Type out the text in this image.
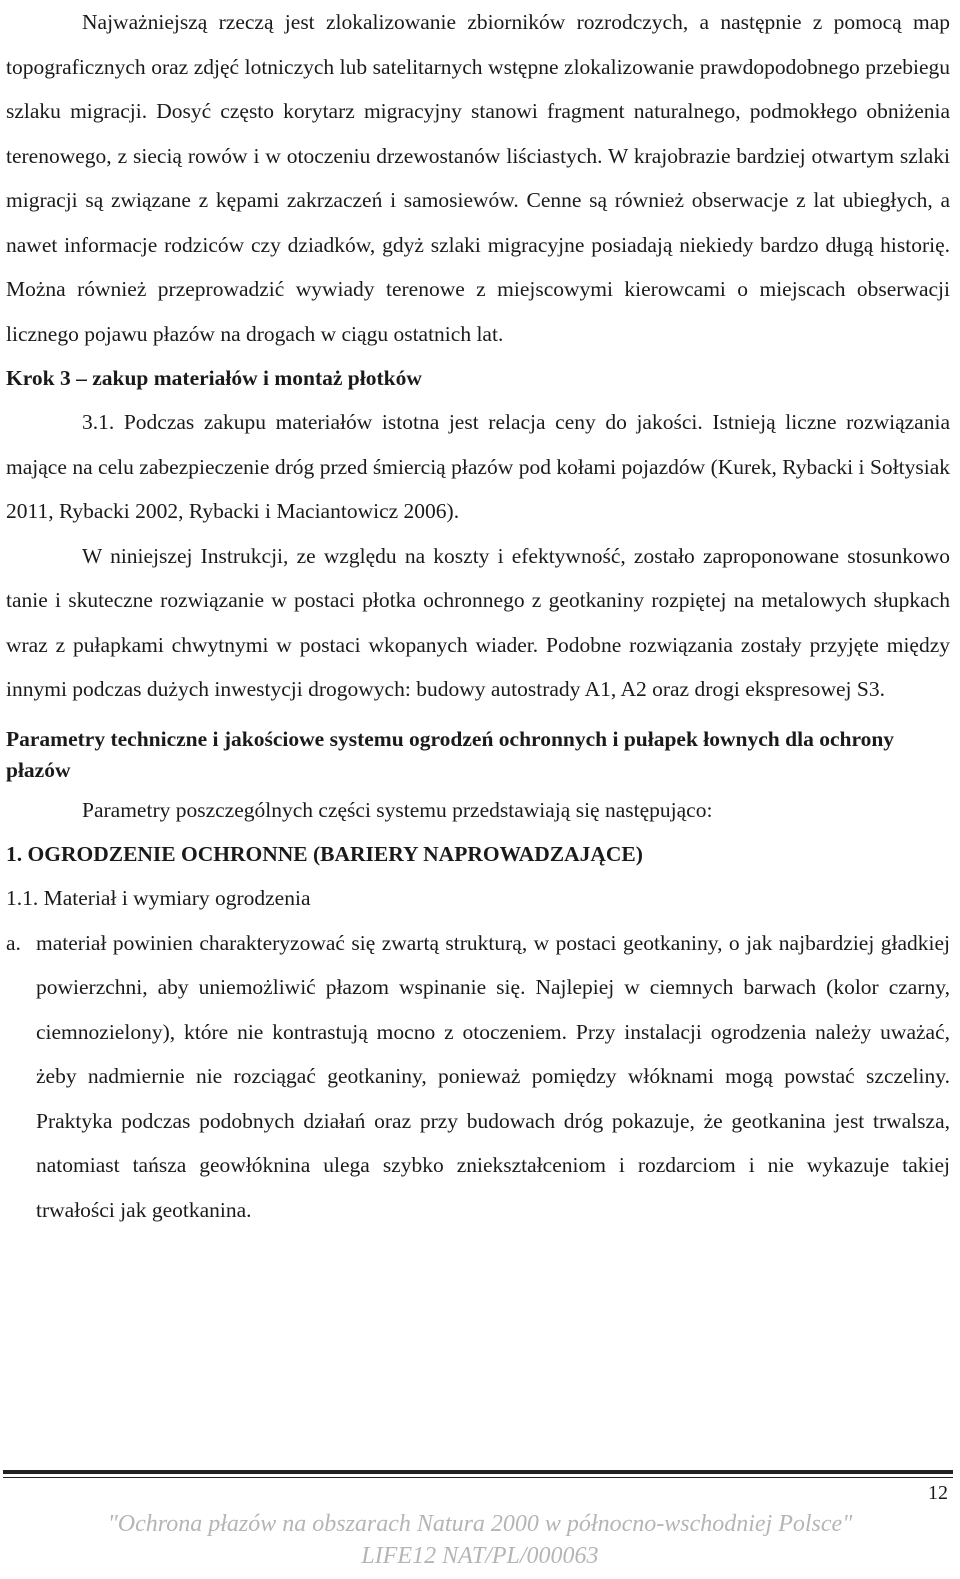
Najważniejszą rzeczą jest zlokalizowanie zbiorników rozrodczych, a następnie z pomocą map topograficznych oraz zdjęć lotniczych lub satelitarnych wstępne zlokalizowanie prawdopodobnego przebiegu szlaku migracji. Dosyć często korytarz migracyjny stanowi fragment naturalnego, podmokłego obniżenia terenowego, z siecią rowów i w otoczeniu drzewostanów liściastych. W krajobrazie bardziej otwartym szlaki migracji są związane z kępami zakrzaczeń i samosiewów. Cenne są również obserwacje z lat ubiegłych, a nawet informacje rodziców czy dziadków, gdyż szlaki migracyjne posiadają niekiedy bardzo długą historię. Można również przeprowadzić wywiady terenowe z miejscowymi kierowcami o miejscach obserwacji licznego pojawu płazów na drogach w ciągu ostatnich lat.

Krok 3 – zakup materiałów i montaż płotków

3.1. Podczas zakupu materiałów istotna jest relacja ceny do jakości. Istnieją liczne rozwiązania mające na celu zabezpieczenie dróg przed śmiercią płazów pod kołami pojazdów (Kurek, Rybacki i Sołtysiak 2011, Rybacki 2002, Rybacki i Maciantowicz 2006).

W niniejszej Instrukcji, ze względu na koszty i efektywność, zostało zaproponowane stosunkowo tanie i skuteczne rozwiązanie w postaci płotka ochronnego z geotkaniny rozpiętej na metalowych słupkach wraz z pułapkami chwytnymi w postaci wkopanych wiader. Podobne rozwiązania zostały przyjęte między innymi podczas dużych inwestycji drogowych: budowy autostrady A1, A2 oraz drogi ekspresowej S3.

Parametry techniczne i jakościowe systemu ogrodzeń ochronnych i pułapek łownych dla ochrony płazów

Parametry poszczególnych części systemu przedstawiają się następująco:

1. OGRODZENIE OCHRONNE (BARIERY NAPROWADZAJĄCE)

1.1. Materiał i wymiary ogrodzenia

a. materiał powinien charakteryzować się zwartą strukturą, w postaci geotkaniny, o jak najbardziej gładkiej powierzchni, aby uniemożliwić płazom wspinanie się. Najlepiej w ciemnych barwach (kolor czarny, ciemnozielony), które nie kontrastują mocno z otoczeniem. Przy instalacji ogrodzenia należy uważać, żeby nadmiernie nie rozciągać geotkaniny, ponieważ pomiędzy włóknami mogą powstać szczeliny. Praktyka podczas podobnych działań oraz przy budowach dróg pokazuje, że geotkanina jest trwalsza, natomiast tańsza geowłóknina ulega szybko zniekształceniom i rozdarciom i nie wykazuje takiej trwałości jak geotkanina.
12
"Ochrona płazów na obszarach Natura 2000 w północno-wschodniej Polsce"
LIFE12 NAT/PL/000063
